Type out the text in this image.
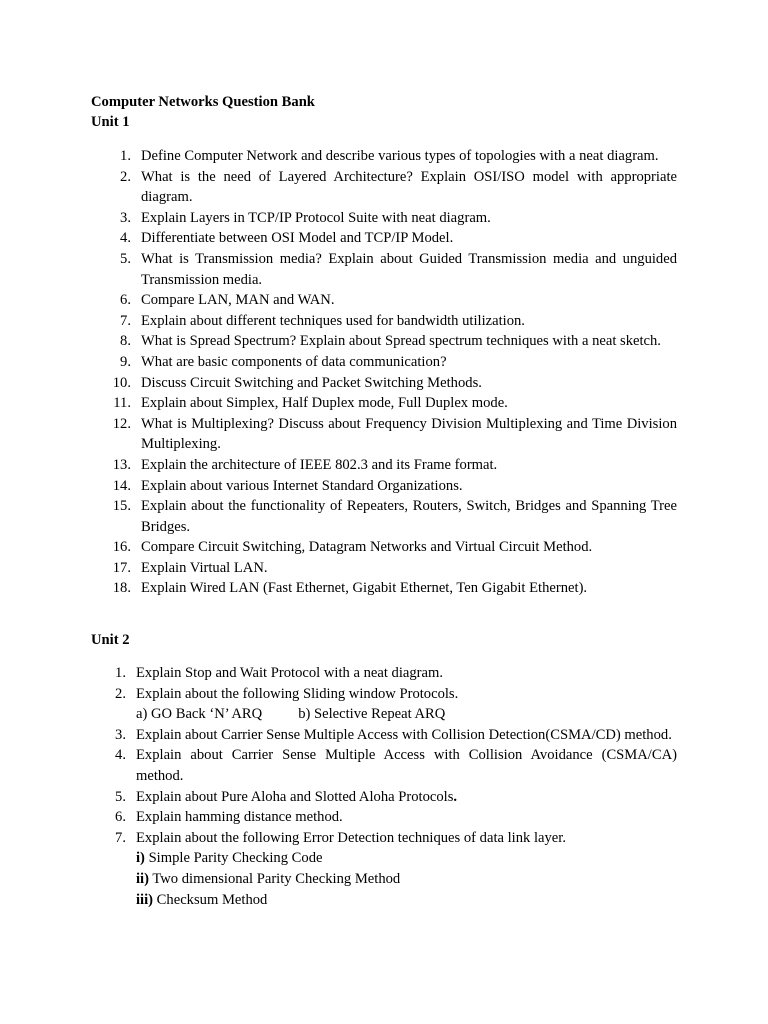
Computer Networks Question Bank
Unit 1
1. Define Computer Network and describe various types of topologies with a neat diagram.
2. What is the need of Layered Architecture? Explain OSI/ISO model with appropriate diagram.
3. Explain Layers in TCP/IP Protocol Suite with neat diagram.
4. Differentiate between OSI Model and TCP/IP Model.
5. What is Transmission media? Explain about Guided Transmission media and unguided Transmission media.
6. Compare LAN, MAN and WAN.
7. Explain about different techniques used for bandwidth utilization.
8. What is Spread Spectrum? Explain about Spread spectrum techniques with a neat sketch.
9. What are basic components of data communication?
10. Discuss Circuit Switching and Packet Switching Methods.
11. Explain about Simplex, Half Duplex mode, Full Duplex mode.
12. What is Multiplexing? Discuss about Frequency Division Multiplexing and Time Division Multiplexing.
13. Explain the architecture of IEEE 802.3 and its Frame format.
14. Explain about various Internet Standard Organizations.
15. Explain about the functionality of Repeaters, Routers, Switch, Bridges and Spanning Tree Bridges.
16. Compare Circuit Switching, Datagram Networks and Virtual Circuit Method.
17. Explain Virtual LAN.
18. Explain Wired LAN (Fast Ethernet, Gigabit Ethernet, Ten Gigabit Ethernet).
Unit 2
1. Explain Stop and Wait Protocol with a neat diagram.
2. Explain about the following Sliding window Protocols.
a) GO Back ‘N’ ARQ b) Selective Repeat ARQ
3. Explain about Carrier Sense Multiple Access with Collision Detection(CSMA/CD) method.
4. Explain about Carrier Sense Multiple Access with Collision Avoidance (CSMA/CA) method.
5. Explain about Pure Aloha and Slotted Aloha Protocols.
6. Explain hamming distance method.
7. Explain about the following Error Detection techniques of data link layer.
i) Simple Parity Checking Code
ii) Two dimensional Parity Checking Method
iii) Checksum Method
